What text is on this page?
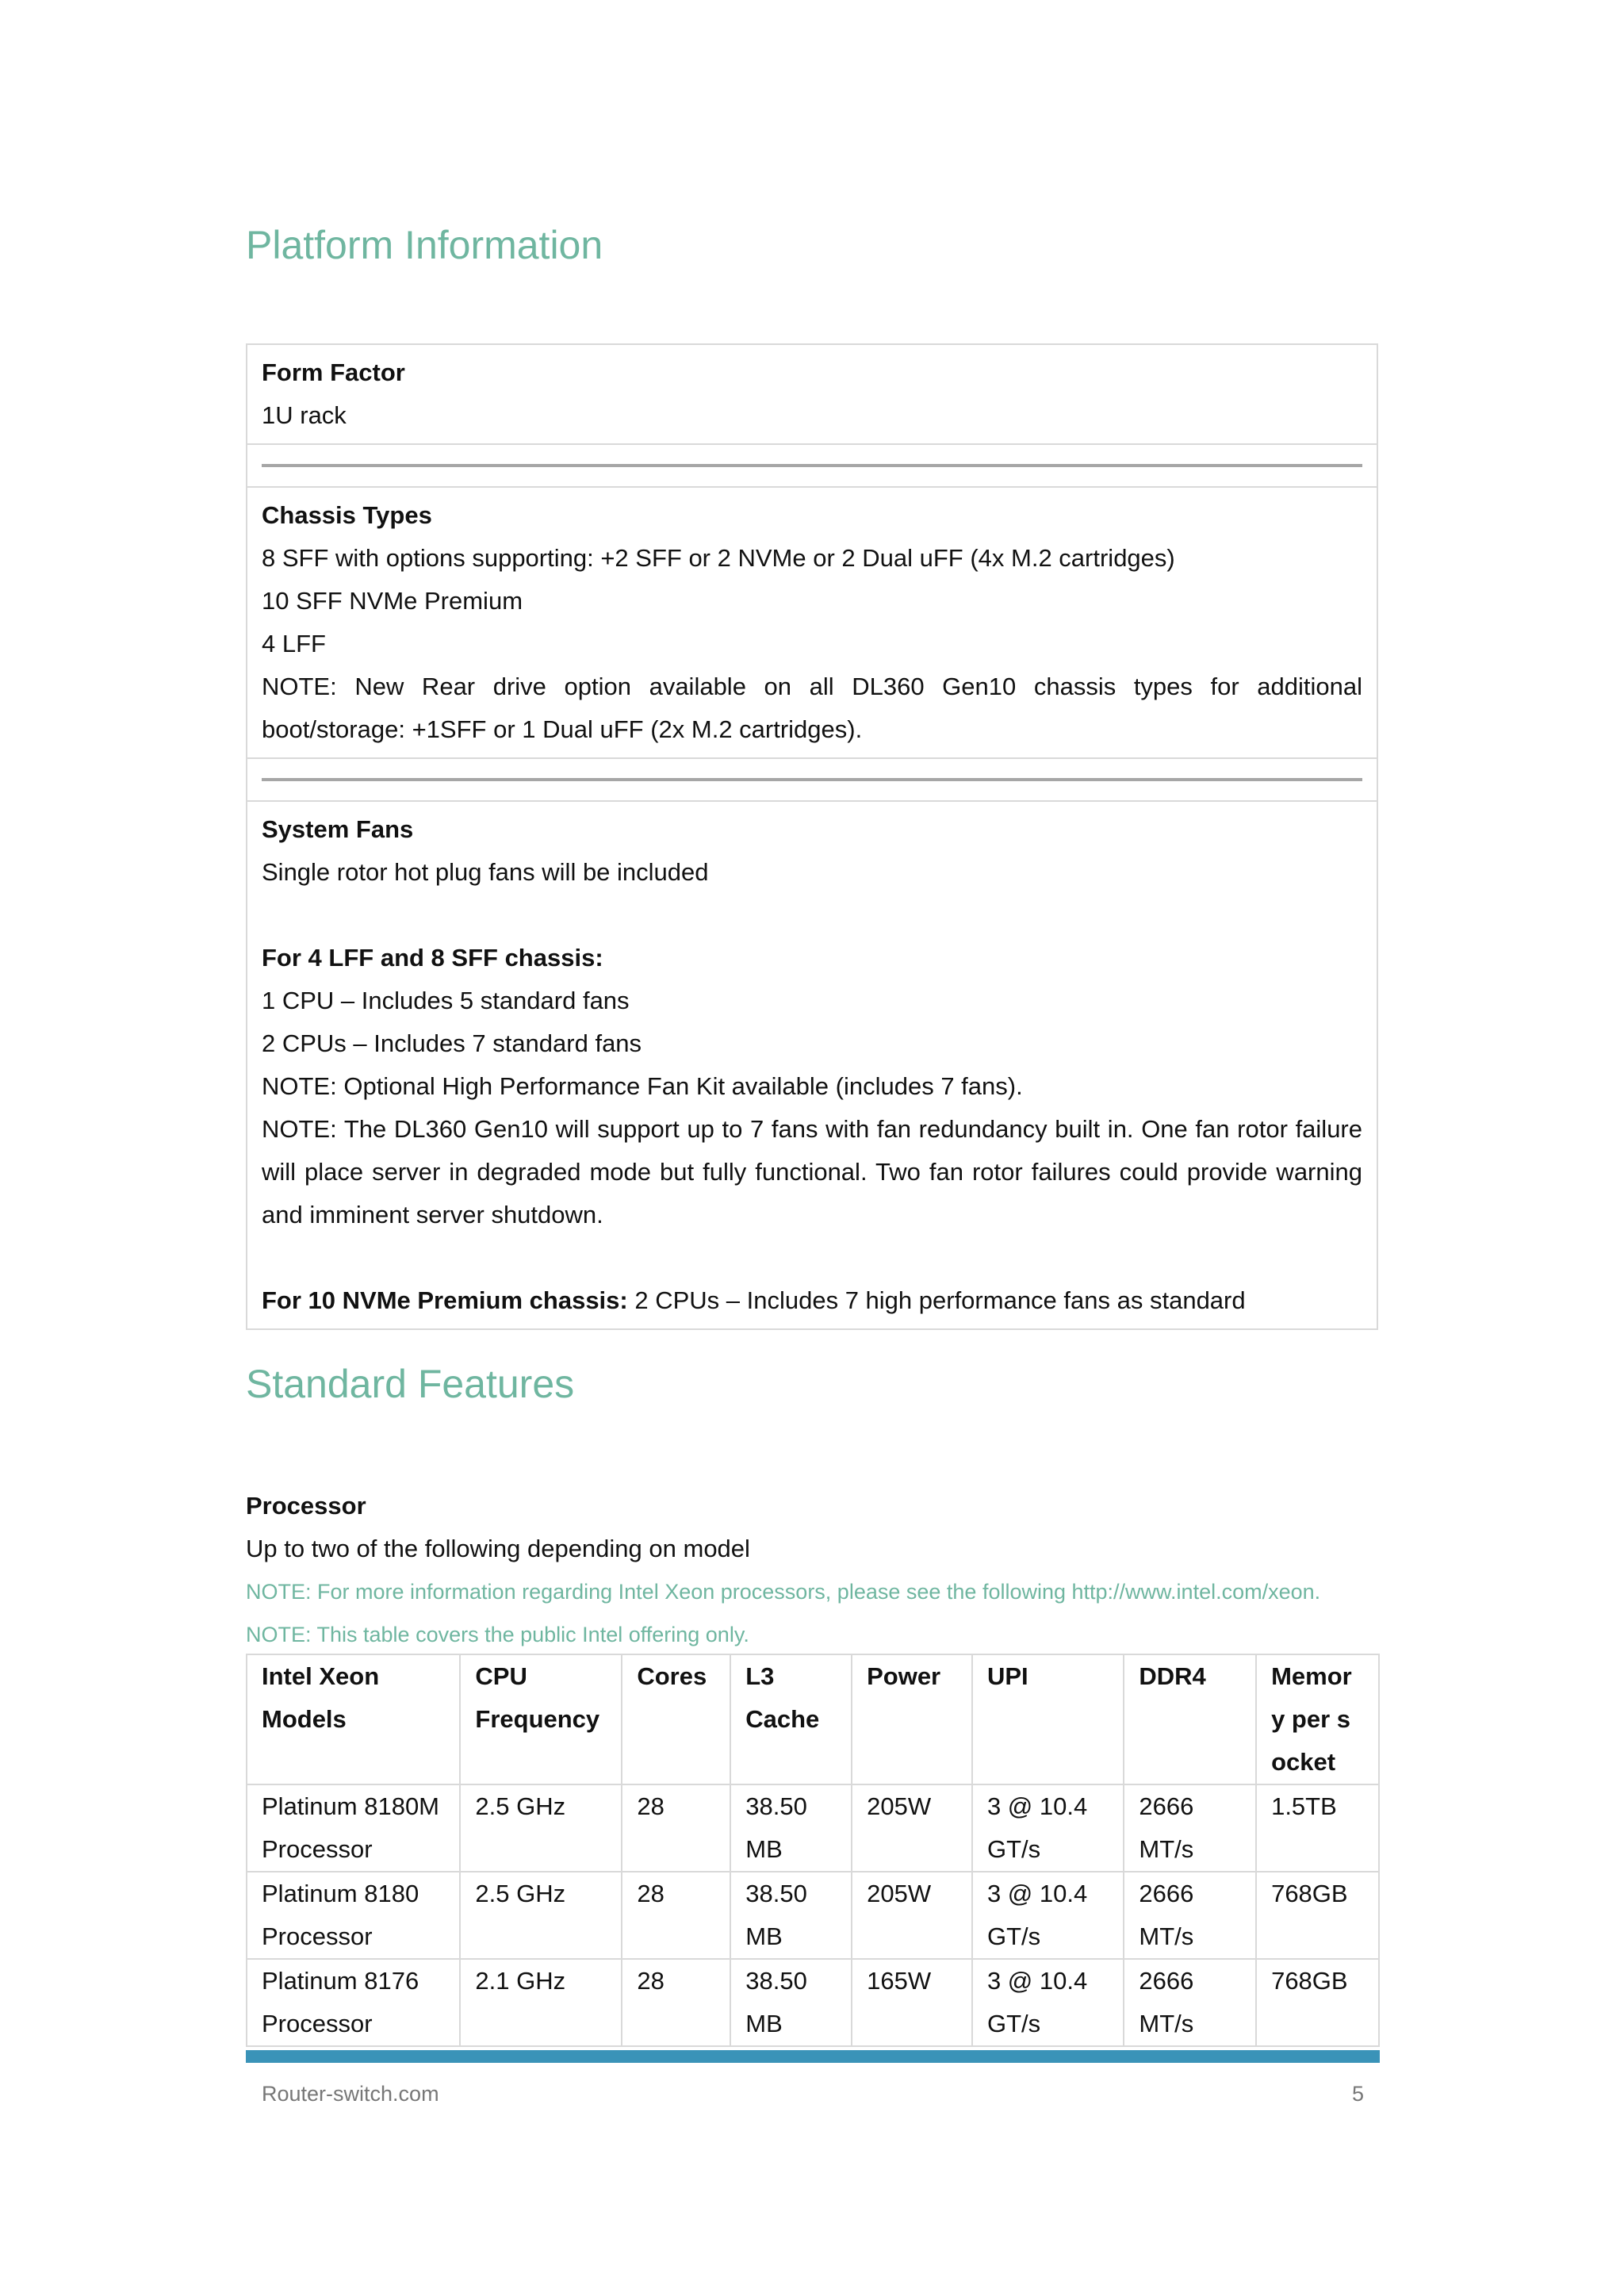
Platform Information

Form Factor

1U rack

Chassis Types

8 SFF with options supporting: +2 SFF or 2 NVMe or 2 Dual uFF (4x M.2 cartridges)

10 SFF NVMe Premium

4 LFF

NOTE: New Rear drive option available on all DL360 Gen10 chassis types for additional boot/storage: +1SFF or 1 Dual uFF (2x M.2 cartridges).

System Fans

Single rotor hot plug fans will be included

For 4 LFF and 8 SFF chassis:

1 CPU – Includes 5 standard fans

2 CPUs – Includes 7 standard fans

NOTE: Optional High Performance Fan Kit available (includes 7 fans).

NOTE: The DL360 Gen10 will support up to 7 fans with fan redundancy built in. One fan rotor failure will place server in degraded mode but fully functional. Two fan rotor failures could provide warning and imminent server shutdown.

For 10 NVMe Premium chassis: 2 CPUs – Includes 7 high performance fans as standard

Standard Features

Processor

Up to two of the following depending on model

NOTE: For more information regarding Intel Xeon processors, please see the following http://www.intel.com/xeon.

NOTE: This table covers the public Intel offering only.

Intel Xeon Models	CPU Frequency	Cores	L3 Cache	Power	UPI	DDR4	Memory per socket
Platinum 8180M Processor	2.5 GHz	28	38.50 MB	205W	3 @ 10.4 GT/s	2666 MT/s	1.5TB
Platinum 8180 Processor	2.5 GHz	28	38.50 MB	205W	3 @ 10.4 GT/s	2666 MT/s	768GB
Platinum 8176 Processor	2.1 GHz	28	38.50 MB	165W	3 @ 10.4 GT/s	2666 MT/s	768GB
Router-switch.com	5
